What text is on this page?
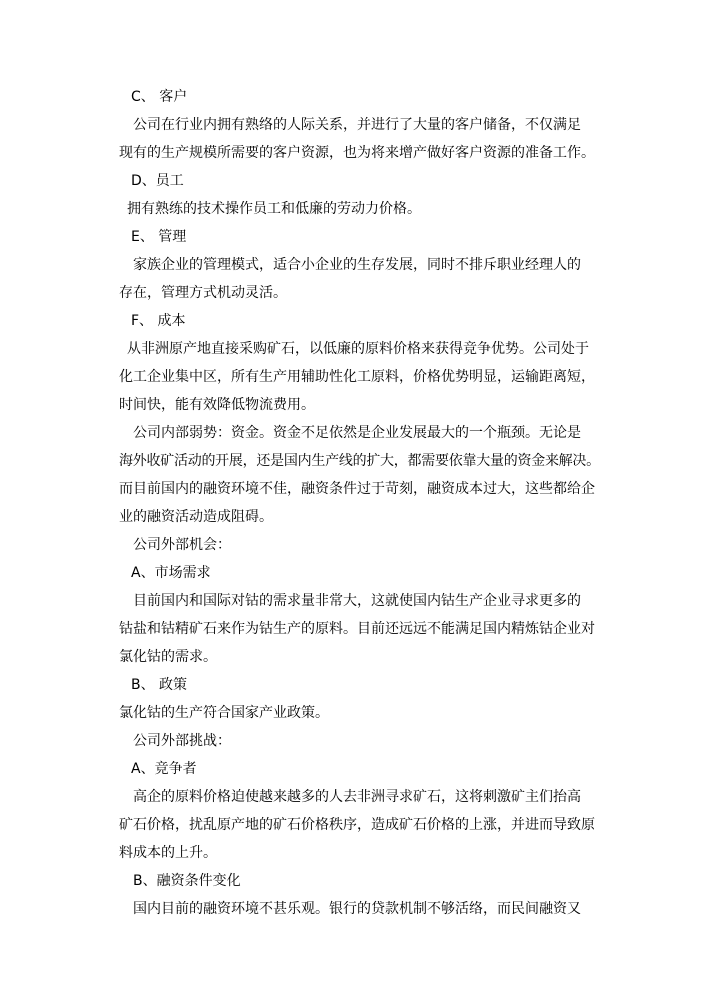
C、 客户
公司在行业内拥有熟络的人际关系，并进行了大量的客户储备，不仅满足
现有的生产规模所需要的客户资源，也为将来增产做好客户资源的准备工作。
D、员工
拥有熟练的技术操作员工和低廉的劳动力价格。
E、 管理
家族企业的管理模式，适合小企业的生存发展，同时不排斥职业经理人的
存在，管理方式机动灵活。
F、 成本
从非洲原产地直接采购矿石，以低廉的原料价格来获得竞争优势。公司处于
化工企业集中区，所有生产用辅助性化工原料，价格优势明显，运输距离短，
时间快，能有效降低物流费用。
公司内部弱势：资金。资金不足依然是企业发展最大的一个瓶颈。无论是
海外收矿活动的开展，还是国内生产线的扩大，都需要依靠大量的资金来解决。
而目前国内的融资环境不佳，融资条件过于苛刻，融资成本过大，这些都给企
业的融资活动造成阻碍。
公司外部机会：
A、市场需求
目前国内和国际对钴的需求量非常大，这就使国内钴生产企业寻求更多的
钴盐和钴精矿石来作为钴生产的原料。目前还远远不能满足国内精炼钴企业对
氯化钴的需求。
B、 政策
氯化钴的生产符合国家产业政策。
公司外部挑战：
A、竞争者
高企的原料价格迫使越来越多的人去非洲寻求矿石，这将刺激矿主们抬高
矿石价格，扰乱原产地的矿石价格秩序，造成矿石价格的上涨，并进而导致原
料成本的上升。
B、融资条件变化
国内目前的融资环境不甚乐观。银行的贷款机制不够活络，而民间融资又
